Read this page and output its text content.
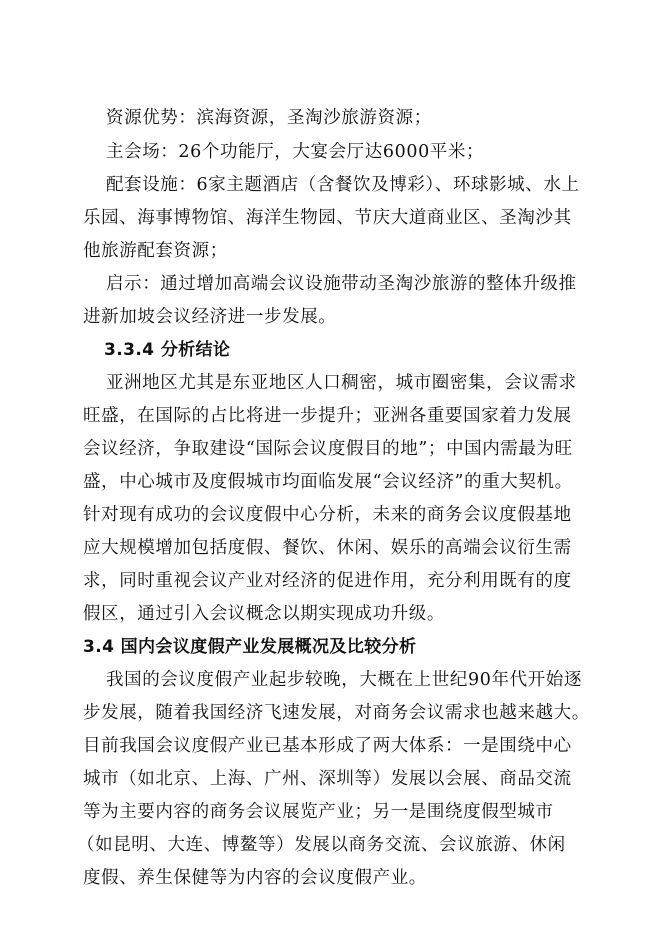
资源优势：滨海资源，圣淘沙旅游资源；
主会场：26个功能厅，大宴会厅达6000平米；
配套设施：6家主题酒店（含餐饮及博彩）、环球影城、水上
乐园、海事博物馆、海洋生物园、节庆大道商业区、圣淘沙其
他旅游配套资源；
启示：通过增加高端会议设施带动圣淘沙旅游的整体升级推
进新加坡会议经济进一步发展。
3.3.4 分析结论
亚洲地区尤其是东亚地区人口稠密，城市圈密集，会议需求
旺盛，在国际的占比将进一步提升；亚洲各重要国家着力发展
会议经济，争取建设“国际会议度假目的地”；中国内需最为旺
盛，中心城市及度假城市均面临发展“会议经济”的重大契机。
针对现有成功的会议度假中心分析，未来的商务会议度假基地
应大规模增加包括度假、餐饮、休闲、娱乐的高端会议衍生需
求，同时重视会议产业对经济的促进作用，充分利用既有的度
假区，通过引入会议概念以期实现成功升级。
3.4 国内会议度假产业发展概况及比较分析
我国的会议度假产业起步较晚，大概在上世纪90年代开始逐
步发展，随着我国经济飞速发展，对商务会议需求也越来越大。
目前我国会议度假产业已基本形成了两大体系：一是围绕中心
城市（如北京、上海、广州、深圳等）发展以会展、商品交流
等为主要内容的商务会议展览产业；另一是围绕度假型城市
（如昆明、大连、博鳌等）发展以商务交流、会议旅游、休闲
度假、养生保健等为内容的会议度假产业。
